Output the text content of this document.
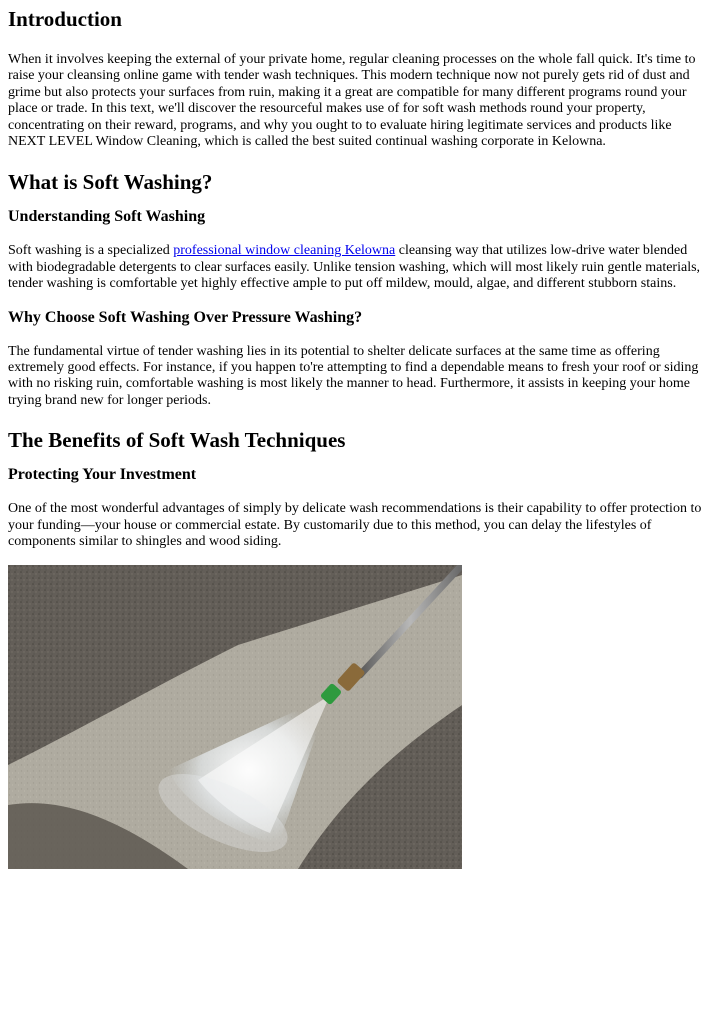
Introduction

When it involves keeping the external of your private home, regular cleaning processes on the whole fall quick. It's time to raise your cleansing online game with tender wash techniques. This modern technique now not purely gets rid of dust and grime but also protects your surfaces from ruin, making it a great are compatible for many different programs round your place or trade. In this text, we'll discover the resourceful makes use of for soft wash methods round your property, concentrating on their reward, programs, and why you ought to to evaluate hiring legitimate services and products like NEXT LEVEL Window Cleaning, which is called the best suited continual washing corporate in Kelowna.

What is Soft Washing?
Understanding Soft Washing

Soft washing is a specialized professional window cleaning Kelowna cleansing way that utilizes low-drive water blended with biodegradable detergents to clear surfaces easily. Unlike tension washing, which will most likely ruin gentle materials, tender washing is comfortable yet highly effective ample to put off mildew, mould, algae, and different stubborn stains.

Why Choose Soft Washing Over Pressure Washing?

The fundamental virtue of tender washing lies in its potential to shelter delicate surfaces at the same time as offering extremely good effects. For instance, if you happen to're attempting to find a dependable means to fresh your roof or siding with no risking ruin, comfortable washing is most likely the manner to head. Furthermore, it assists in keeping your home trying brand new for longer periods.

The Benefits of Soft Wash Techniques
Protecting Your Investment

One of the most wonderful advantages of simply by delicate wash recommendations is their capability to offer protection to your funding—your house or commercial estate. By customarily due to this method, you can delay the lifestyles of components similar to shingles and wood siding.
